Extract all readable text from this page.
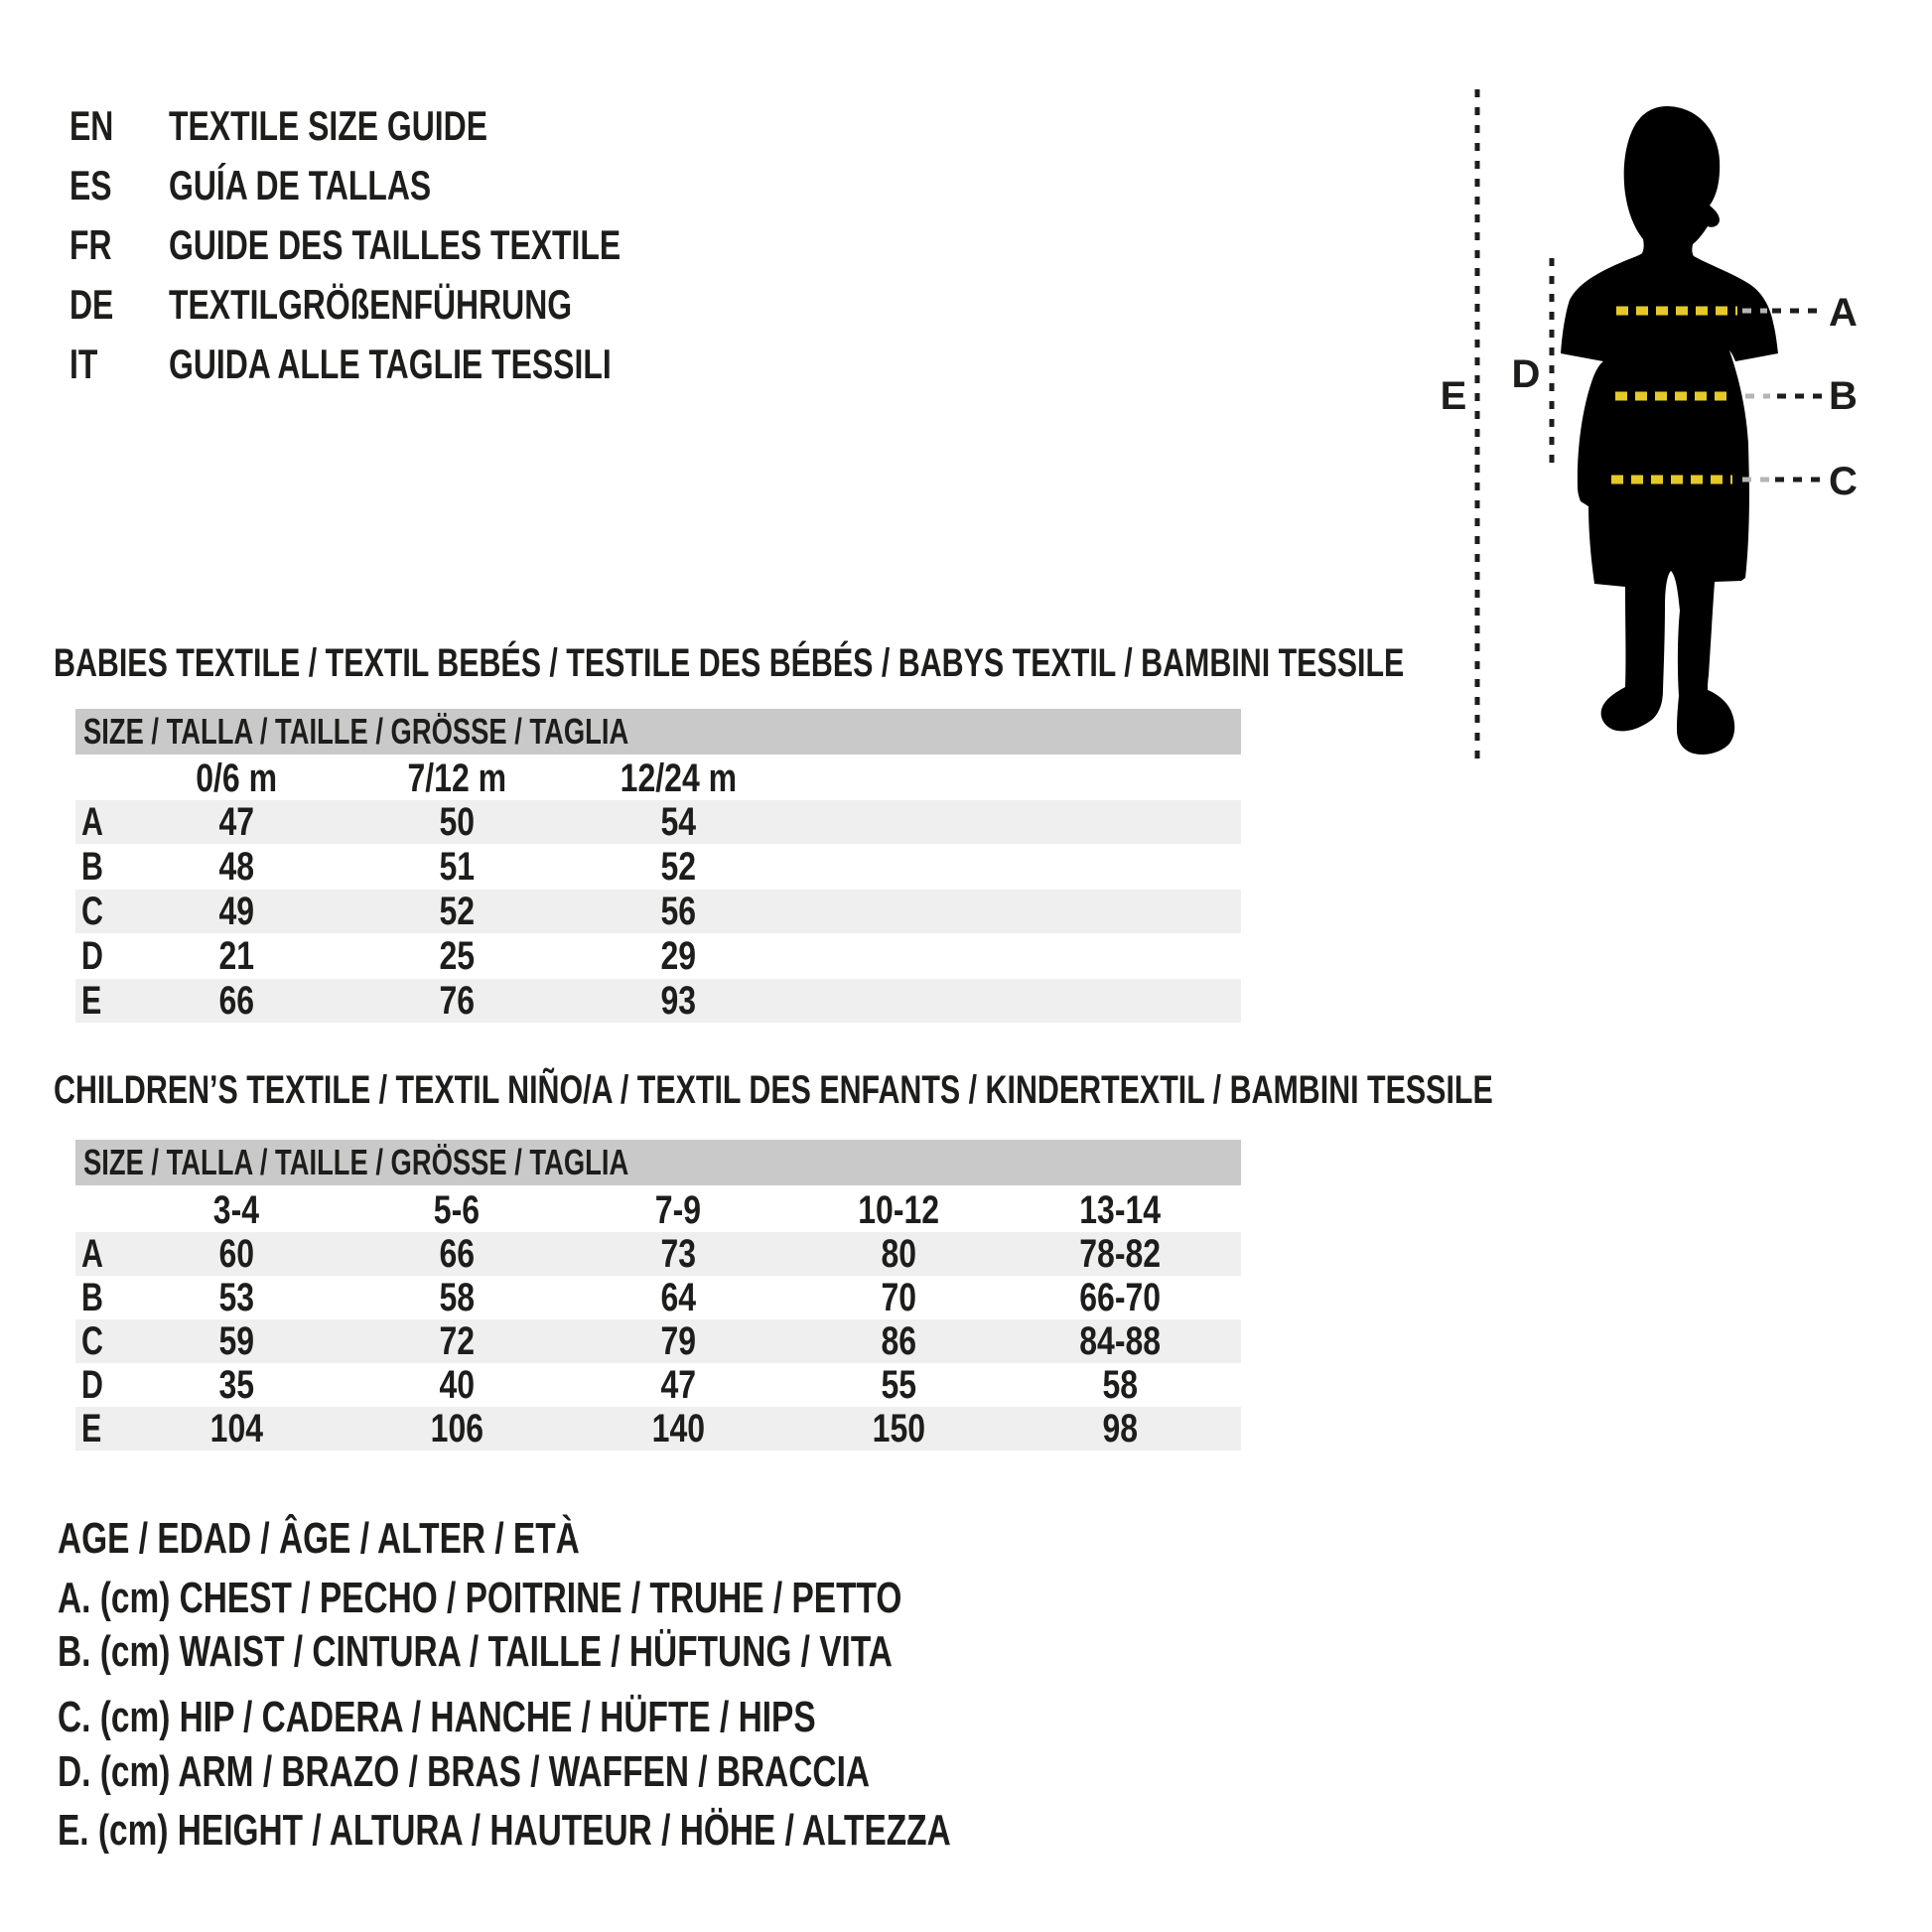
EN	TEXTILE SIZE GUIDE
ES	GUÍA DE TALLAS
FR	GUIDE DES TAILLES TEXTILE
DE	TEXTILGRÖßENFÜHRUNG
IT GUIDA ALLE TAGLIE TESSILI
BABIES TEXTILE / TEXTIL BEBÉS / TESTILE DES BÉBÉS / BABYS TEXTIL / BAMBINI TESSILE
SIZE / TALLA / TAILLE / GRÖSSE / TAGLIA
0/6 m	7/12 m	12/24 m
A	47	50	54
B	48	51	52
C	49	52	56
D	21	25	29
E	66	76	93
CHILDREN’S TEXTILE / TEXTIL NIÑO/A / TEXTIL DES ENFANTS / KINDERTEXTIL / BAMBINI TESSILE
SIZE / TALLA / TAILLE / GRÖSSE / TAGLIA
3-4	5-6	7-9	10-12	13-14
A	60	66	73	80	78-82
B	53	58	64	70	66-70
C	59	72	79	86	84-88
D	35	40	47	55	58
E	104	106	140	150	98
AGE / EDAD / ÂGE / ALTER / ETÀ
A. (cm) CHEST / PECHO / POITRINE / TRUHE / PETTO
B. (cm) WAIST / CINTURA / TAILLE / HÜFTUNG / VITA
C. (cm) HIP / CADERA / HANCHE / HÜFTE / HIPS
D. (cm) ARM / BRAZO / BRAS / WAFFEN / BRACCIA
E. (cm) HEIGHT / ALTURA / HAUTEUR / HÖHE / ALTEZZA
A
B
C
D
E
